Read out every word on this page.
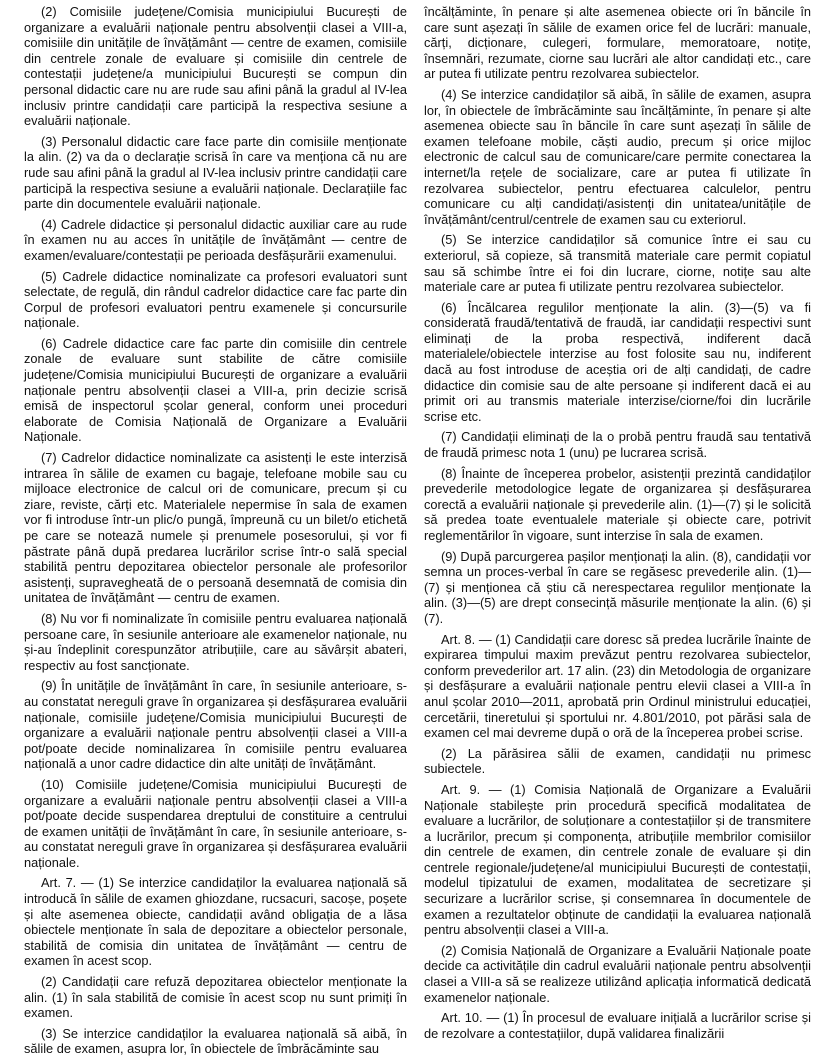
(2) Comisiile județene/Comisia municipiului București de organizare a evaluării naționale pentru absolvenții clasei a VIII-a, comisiile din unitățile de învățământ — centre de examen, comisiile din centrele zonale de evaluare și comisiile din centrele de contestații județene/a municipiului București se compun din personal didactic care nu are rude sau afini până la gradul al IV-lea inclusiv printre candidații care participă la respectiva sesiune a evaluării naționale.

(3) Personalul didactic care face parte din comisiile menționate la alin. (2) va da o declarație scrisă în care va menționa că nu are rude sau afini până la gradul al IV-lea inclusiv printre candidații care participă la respectiva sesiune a evaluării naționale. Declarațiile fac parte din documentele evaluării naționale.

(4) Cadrele didactice și personalul didactic auxiliar care au rude în examen nu au acces în unitățile de învățământ — centre de examen/evaluare/contestații pe perioada desfășurării examenului.

(5) Cadrele didactice nominalizate ca profesori evaluatori sunt selectate, de regulă, din rândul cadrelor didactice care fac parte din Corpul de profesori evaluatori pentru examenele și concursurile naționale.

(6) Cadrele didactice care fac parte din comisiile din centrele zonale de evaluare sunt stabilite de către comisiile județene/Comisia municipiului București de organizare a evaluării naționale pentru absolvenții clasei a VIII-a, prin decizie scrisă emisă de inspectorul școlar general, conform unei proceduri elaborate de Comisia Națională de Organizare a Evaluării Naționale.

(7) Cadrelor didactice nominalizate ca asistenți le este interzisă intrarea în sălile de examen cu bagaje, telefoane mobile sau cu mijloace electronice de calcul ori de comunicare, precum și cu ziare, reviste, cărți etc. Materialele nepermise în sala de examen vor fi introduse într-un plic/o pungă, împreună cu un bilet/o etichetă pe care se notează numele și prenumele posesorului, și vor fi păstrate până după predarea lucrărilor scrise într-o sală special stabilită pentru depozitarea obiectelor personale ale profesorilor asistenți, supravegheată de o persoană desemnată de comisia din unitatea de învățământ — centru de examen.

(8) Nu vor fi nominalizate în comisiile pentru evaluarea națională persoane care, în sesiunile anterioare ale examenelor naționale, nu și-au îndeplinit corespunzător atribuțiile, care au săvârșit abateri, respectiv au fost sancționate.

(9) În unitățile de învățământ în care, în sesiunile anterioare, s-au constatat nereguli grave în organizarea și desfășurarea evaluării naționale, comisiile județene/Comisia municipiului București de organizare a evaluării naționale pentru absolvenții clasei a VIII-a pot/poate decide nominalizarea în comisiile pentru evaluarea națională a unor cadre didactice din alte unități de învățământ.

(10) Comisiile județene/Comisia municipiului București de organizare a evaluării naționale pentru absolvenții clasei a VIII-a pot/poate decide suspendarea dreptului de constituire a centrului de examen unității de învățământ în care, în sesiunile anterioare, s-au constatat nereguli grave în organizarea și desfășurarea evaluării naționale.

Art. 7. — (1) Se interzice candidaților la evaluarea națională să introducă în sălile de examen ghiozdane, rucsacuri, sacoșe, poșete și alte asemenea obiecte, candidații având obligația de a lăsa obiectele menționate în sala de depozitare a obiectelor personale, stabilită de comisia din unitatea de învățământ — centru de examen în acest scop.

(2) Candidații care refuză depozitarea obiectelor menționate la alin. (1) în sala stabilită de comisie în acest scop nu sunt primiți în examen.

(3) Se interzice candidaților la evaluarea națională să aibă, în sălile de examen, asupra lor, în obiectele de îmbrăcăminte sau

încălțăminte, în penare și alte asemenea obiecte ori în băncile în care sunt așezați în sălile de examen orice fel de lucrări: manuale, cărți, dicționare, culegeri, formulare, memoratoare, notițe, însemnări, rezumate, ciorne sau lucrări ale altor candidați etc., care ar putea fi utilizate pentru rezolvarea subiectelor.

(4) Se interzice candidaților să aibă, în sălile de examen, asupra lor, în obiectele de îmbrăcăminte sau încălțăminte, în penare și alte asemenea obiecte sau în băncile în care sunt așezați în sălile de examen telefoane mobile, căști audio, precum și orice mijloc electronic de calcul sau de comunicare/care permite conectarea la internet/la rețele de socializare, care ar putea fi utilizate în rezolvarea subiectelor, pentru efectuarea calculelor, pentru comunicare cu alți candidați/asistenți din unitatea/unitățile de învățământ/centrul/centrele de examen sau cu exteriorul.

(5) Se interzice candidaților să comunice între ei sau cu exteriorul, să copieze, să transmită materiale care permit copiatul sau să schimbe între ei foi din lucrare, ciorne, notițe sau alte materiale care ar putea fi utilizate pentru rezolvarea subiectelor.

(6) Încălcarea regulilor menționate la alin. (3)—(5) va fi considerată fraudă/tentativă de fraudă, iar candidații respectivi sunt eliminați de la proba respectivă, indiferent dacă materialele/obiectele interzise au fost folosite sau nu, indiferent dacă au fost introduse de aceștia ori de alți candidați, de cadre didactice din comisie sau de alte persoane și indiferent dacă ei au primit ori au transmis materiale interzise/ciorne/foi din lucrările scrise etc.

(7) Candidații eliminați de la o probă pentru fraudă sau tentativă de fraudă primesc nota 1 (unu) pe lucrarea scrisă.

(8) Înainte de începerea probelor, asistenții prezintă candidaților prevederile metodologice legate de organizarea și desfășurarea corectă a evaluării naționale și prevederile alin. (1)—(7) și le solicită să predea toate eventualele materiale și obiecte care, potrivit reglementărilor în vigoare, sunt interzise în sala de examen.

(9) După parcurgerea pașilor menționați la alin. (8), candidații vor semna un proces-verbal în care se regăsesc prevederile alin. (1)—(7) și menționea că știu că nerespectarea regulilor menționate la alin. (3)—(5) are drept consecință măsurile menționate la alin. (6) și (7).

Art. 8. — (1) Candidații care doresc să predea lucrările înainte de expirarea timpului maxim prevăzut pentru rezolvarea subiectelor, conform prevederilor art. 17 alin. (23) din Metodologia de organizare și desfășurare a evaluării naționale pentru elevii clasei a VIII-a în anul școlar 2010—2011, aprobată prin Ordinul ministrului educației, cercetării, tineretului și sportului nr. 4.801/2010, pot părăsi sala de examen cel mai devreme după o oră de la începerea probei scrise.

(2) La părăsirea sălii de examen, candidații nu primesc subiectele.

Art. 9. — (1) Comisia Națională de Organizare a Evaluării Naționale stabilește prin procedură specifică modalitatea de evaluare a lucrărilor, de soluționare a contestațiilor și de transmitere a lucrărilor, precum și componența, atribuțiile membrilor comisiilor din centrele de examen, din centrele zonale de evaluare și din centrele regionale/județene/al municipiului București de contestații, modelul tipizatului de examen, modalitatea de secretizare și securizare a lucrărilor scrise, și consemnarea în documentele de examen a rezultatelor obținute de candidații la evaluarea națională pentru absolvenții clasei a VIII-a.

(2) Comisia Națională de Organizare a Evaluării Naționale poate decide ca activitățile din cadrul evaluării naționale pentru absolvenții clasei a VIII-a să se realizeze utilizând aplicația informatică dedicată examenelor naționale.

Art. 10. — (1) În procesul de evaluare inițială a lucrărilor scrise și de rezolvare a contestațiilor, după validarea finalizării
